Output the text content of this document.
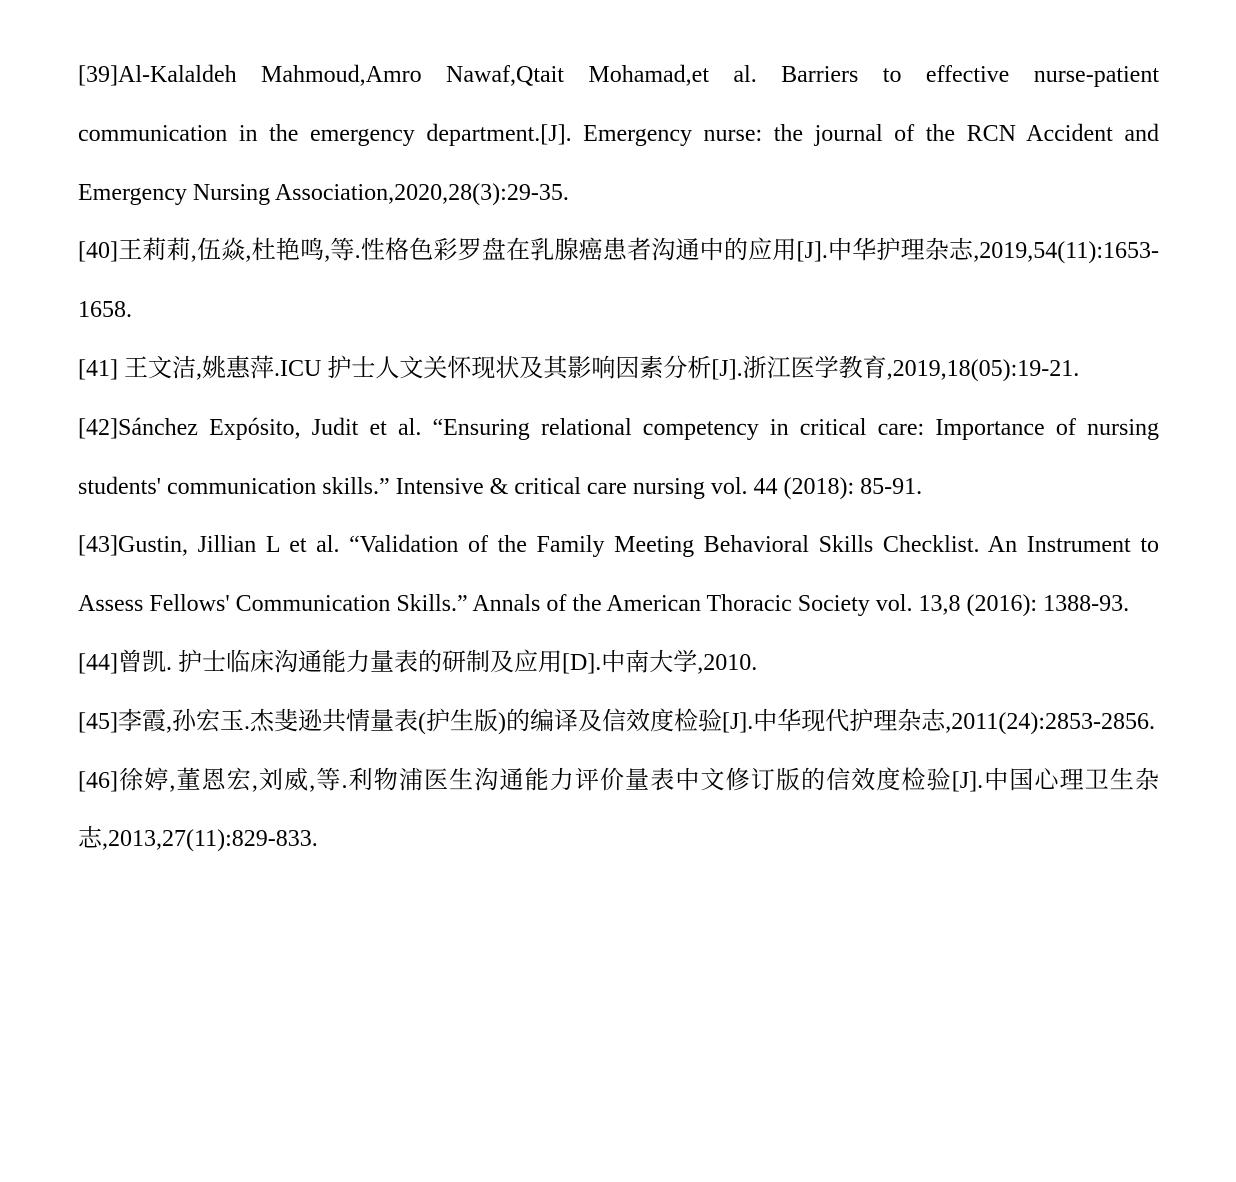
[39]Al-Kalaldeh Mahmoud,Amro Nawaf,Qtait Mohamad,et al. Barriers to effective nurse-patient communication in the emergency department.[J]. Emergency nurse: the journal of the RCN Accident and Emergency Nursing Association,2020,28(3):29-35.

[40]王莉莉,伍焱,杜艳鸣,等.性格色彩罗盘在乳腺癌患者沟通中的应用[J].中华护理杂志,2019,54(11):1653-1658.

[41] 王文洁,姚惠萍.ICU 护士人文关怀现状及其影响因素分析[J].浙江医学教育,2019,18(05):19-21.

[42]Sánchez Expósito, Judit et al. “Ensuring relational competency in critical care: Importance of nursing students' communication skills.” Intensive & critical care nursing vol. 44 (2018): 85-91.

[43]Gustin, Jillian L et al. “Validation of the Family Meeting Behavioral Skills Checklist. An Instrument to Assess Fellows' Communication Skills.” Annals of the American Thoracic Society vol. 13,8 (2016): 1388-93.

[44]曾凯. 护士临床沟通能力量表的研制及应用[D].中南大学,2010.

[45]李霞,孙宏玉.杰斐逊共情量表(护生版)的编译及信效度检验[J].中华现代护理杂志,2011(24):2853-2856.

[46]徐婷,董恩宏,刘威,等.利物浦医生沟通能力评价量表中文修订版的信效度检验[J].中国心理卫生杂志,2013,27(11):829-833.
